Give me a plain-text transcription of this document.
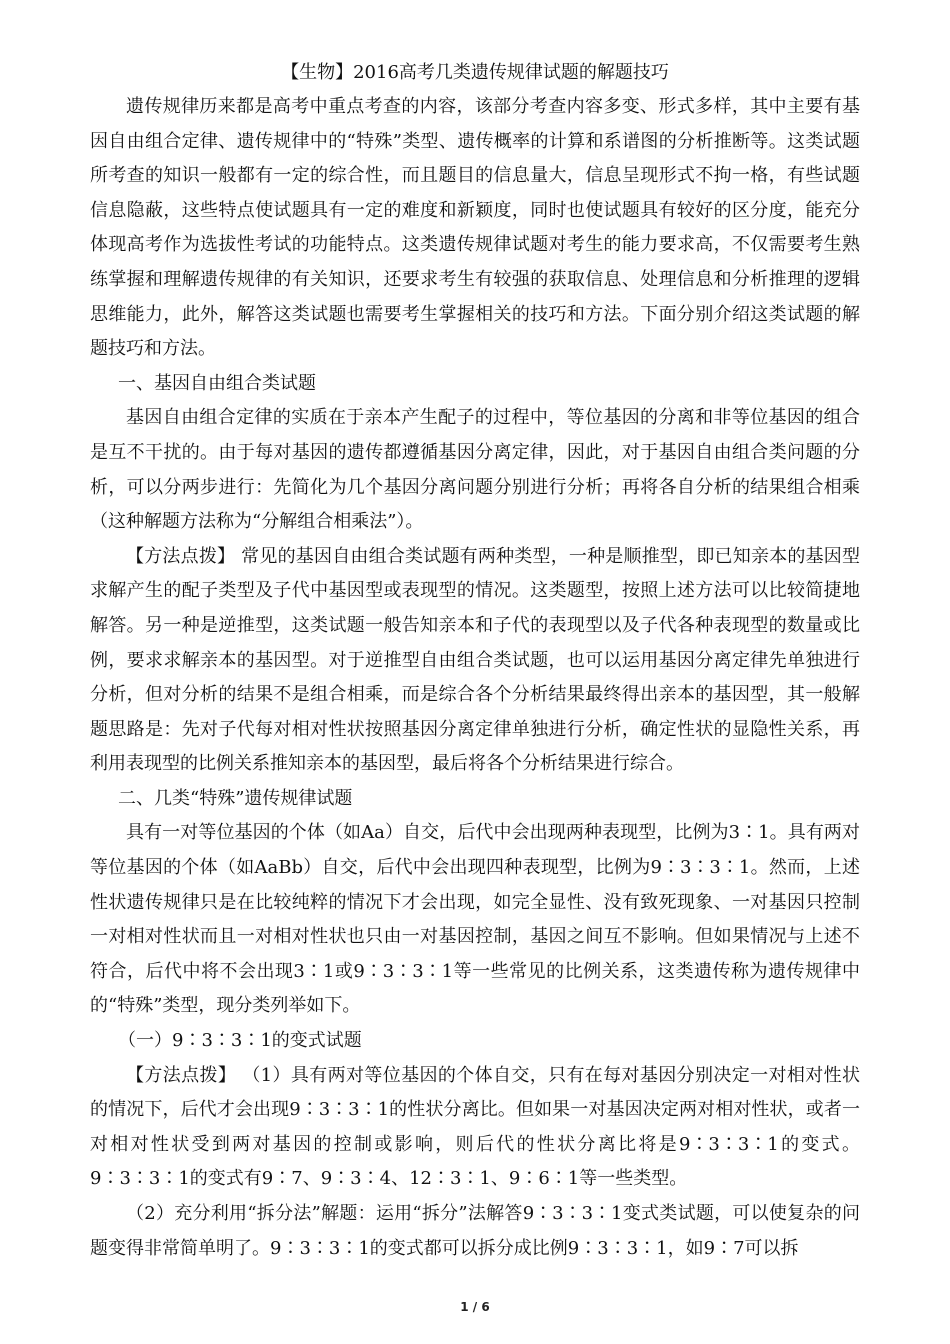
【生物】2016高考几类遗传规律试题的解题技巧

遗传规律历来都是高考中重点考查的内容，该部分考查内容多变、形式多样，其中主要有基因自由组合定律、遗传规律中的“特殊”类型、遗传概率的计算和系谱图的分析推断等。这类试题所考查的知识一般都有一定的综合性，而且题目的信息量大，信息呈现形式不拘一格，有些试题信息隐蔽，这些特点使试题具有一定的难度和新颖度，同时也使试题具有较好的区分度，能充分体现高考作为选拔性考试的功能特点。这类遗传规律试题对考生的能力要求高，不仅需要考生熟练掌握和理解遗传规律的有关知识，还要求考生有较强的获取信息、处理信息和分析推理的逻辑思维能力，此外，解答这类试题也需要考生掌握相关的技巧和方法。下面分别介绍这类试题的解题技巧和方法。

一、基因自由组合类试题

基因自由组合定律的实质在于亲本产生配子的过程中，等位基因的分离和非等位基因的组合是互不干扰的。由于每对基因的遗传都遵循基因分离定律，因此，对于基因自由组合类问题的分析，可以分两步进行：先简化为几个基因分离问题分别进行分析；再将各自分析的结果组合相乘（这种解题方法称为“分解组合相乘法”）。

【方法点拨】 常见的基因自由组合类试题有两种类型，一种是顺推型，即已知亲本的基因型求解产生的配子类型及子代中基因型或表现型的情况。这类题型，按照上述方法可以比较简捷地解答。另一种是逆推型，这类试题一般告知亲本和子代的表现型以及子代各种表现型的数量或比例，要求求解亲本的基因型。对于逆推型自由组合类试题，也可以运用基因分离定律先单独进行分析，但对分析的结果不是组合相乘，而是综合各个分析结果最终得出亲本的基因型，其一般解题思路是：先对子代每对相对性状按照基因分离定律单独进行分析，确定性状的显隐性关系，再利用表现型的比例关系推知亲本的基因型，最后将各个分析结果进行综合。

二、几类“特殊”遗传规律试题

具有一对等位基因的个体（如Aa）自交，后代中会出现两种表现型，比例为3∶1。具有两对等位基因的个体（如AaBb）自交，后代中会出现四种表现型，比例为9∶3∶3∶1。然而，上述性状遗传规律只是在比较纯粹的情况下才会出现，如完全显性、没有致死现象、一对基因只控制一对相对性状而且一对相对性状也只由一对基因控制，基因之间互不影响。但如果情况与上述不符合，后代中将不会出现3∶1或9∶3∶3∶1等一些常见的比例关系，这类遗传称为遗传规律中的“特殊”类型，现分类列举如下。

（一）9∶3∶3∶1的变式试题

【方法点拨】 （1）具有两对等位基因的个体自交，只有在每对基因分别决定一对相对性状的情况下，后代才会出现9∶3∶3∶1的性状分离比。但如果一对基因决定两对相对性状，或者一对相对性状受到两对基因的控制或影响，则后代的性状分离比将是9∶3∶3∶1的变式。9∶3∶3∶1的变式有9∶7、9∶3∶4、12∶3∶1、9∶6∶1等一些类型。

（2）充分利用“拆分法”解题：运用“拆分”法解答9∶3∶3∶1变式类试题，可以使复杂的问题变得非常简单明了。9∶3∶3∶1的变式都可以拆分成比例9∶3∶3∶1，如9∶7可以拆

1 / 6
